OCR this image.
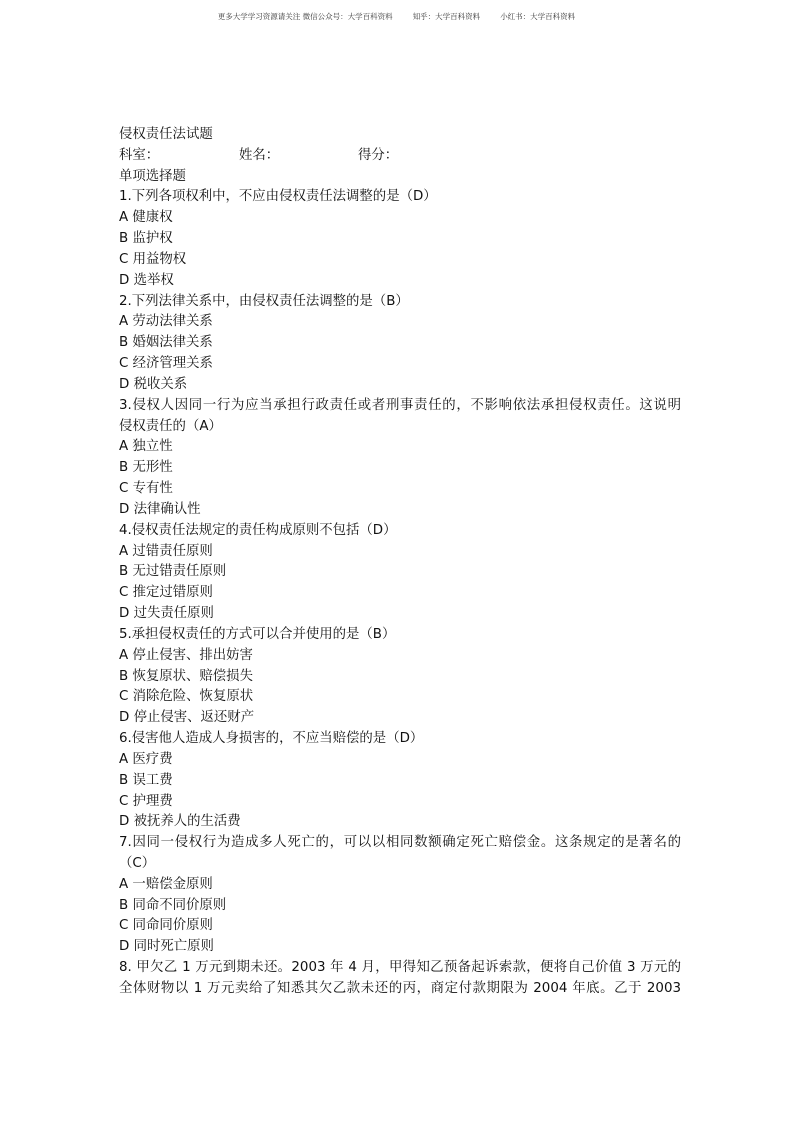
更多大学学习资源请关注 微信公众号：大学百科资料	知乎：大学百科资料	小红书：大学百科资料
侵权责任法试题
科室：	姓名：	得分：
单项选择题
1.下列各项权利中，不应由侵权责任法调整的是（D）
A 健康权
B 监护权
C 用益物权
D 选举权
2.下列法律关系中，由侵权责任法调整的是（B）
A 劳动法律关系
B 婚姻法律关系
C 经济管理关系
D 税收关系
3.侵权人因同一行为应当承担行政责任或者刑事责任的，不影响依法承担侵权责任。这说明
侵权责任的（A）
A 独立性
B 无形性
C 专有性
D 法律确认性
4.侵权责任法规定的责任构成原则不包括（D）
A 过错责任原则
B 无过错责任原则
C 推定过错原则
D 过失责任原则
5.承担侵权责任的方式可以合并使用的是（B）
A 停止侵害、排出妨害
B 恢复原状、赔偿损失
C 消除危险、恢复原状
D 停止侵害、返还财产
6.侵害他人造成人身损害的，不应当赔偿的是（D）
A 医疗费
B 误工费
C 护理费
D 被抚养人的生活费
7.因同一侵权行为造成多人死亡的，可以以相同数额确定死亡赔偿金。这条规定的是著名的
（C）
A 一赔偿金原则
B 同命不同价原则
C 同命同价原则
D 同时死亡原则
8. 甲欠乙 1 万元到期未还。2003 年 4 月，甲得知乙预备起诉索款，便将自己价值 3 万元的
全体财物以 1 万元卖给了知悉其欠乙款未还的丙，商定付款期限为 2004 年底。乙于 2003
